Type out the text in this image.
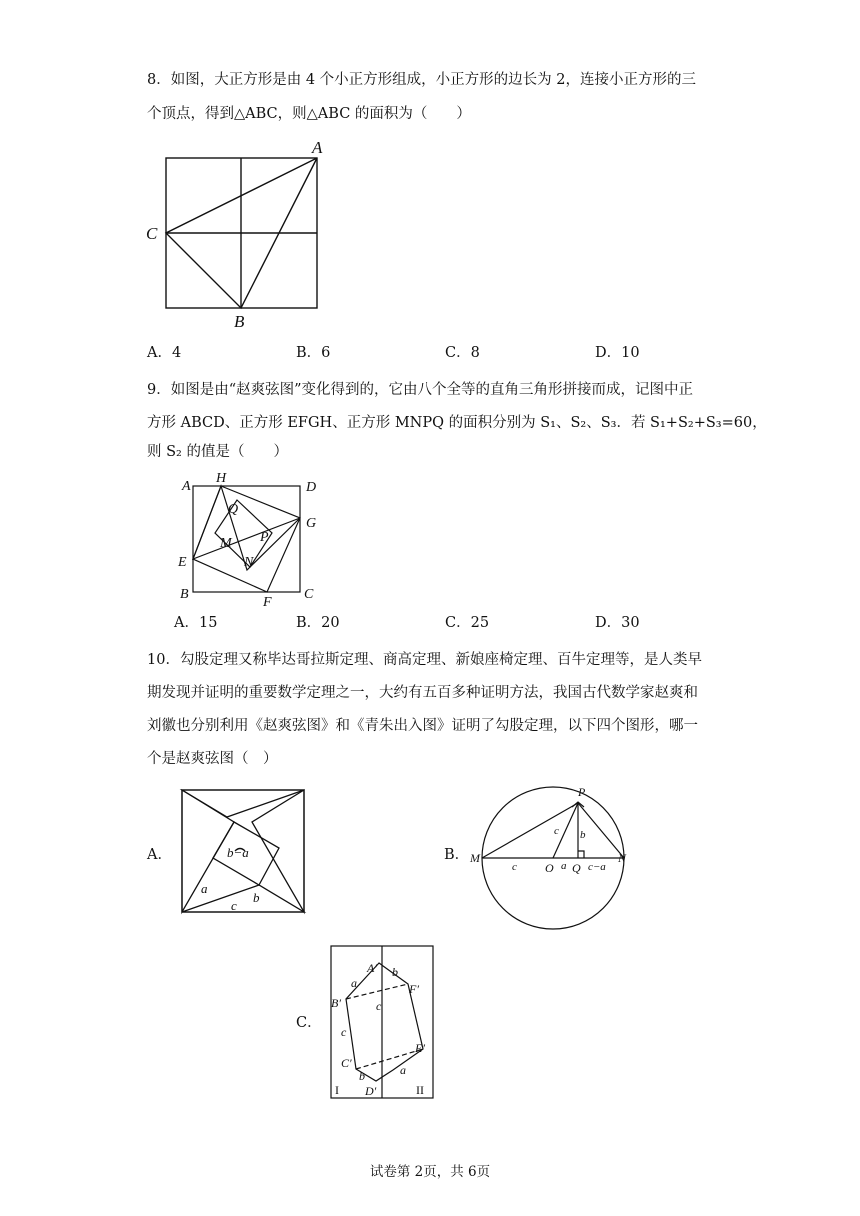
8．如图，大正方形是由 4 个小正方形组成，小正方形的边长为 2，连接小正方形的三
个顶点，得到△ABC，则△ABC 的面积为（　　）
A
C
B
A．4	B．6	C．8	D．10
9．如图是由“赵爽弦图”变化得到的，它由八个全等的直角三角形拼接而成，记图中正
方形 ABCD、正方形 EFGH、正方形 MNPQ 的面积分别为 S₁、S₂、S₃．若 S₁+S₂+S₃=60，
则 S₂ 的值是（　　）
A
H
D
G
Q
P
M
N
E
B
F
C
A．15	B．20	C．25	D．30
10．勾股定理又称毕达哥拉斯定理、商高定理、新娘座椅定理、百牛定理等，是人类早
期发现并证明的重要数学定理之一，大约有五百多种证明方法，我国古代数学家赵爽和
刘徽也分别利用《赵爽弦图》和《青朱出入图》证明了勾股定理，以下四个图形，哪一
个是赵爽弦图（　）
A．	b−a
a
b
c
B．
P
M	N
O Q
c
c
b
a c−a
C．
A′ b
a	F′
B′	c
c
E′
C′
b	a
I D′	II
试卷第 2页，共 6页
